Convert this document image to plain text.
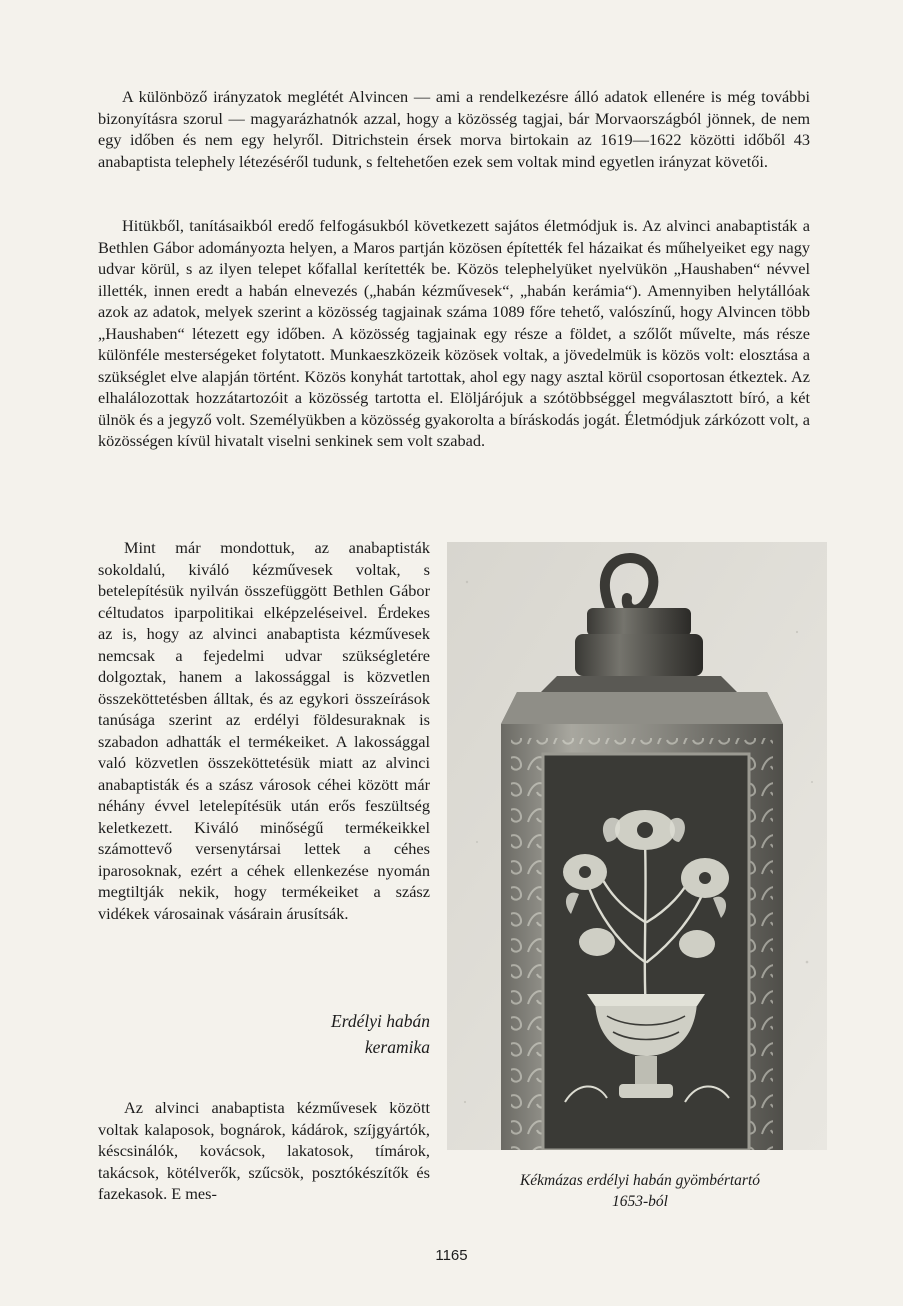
A különböző irányzatok meglétét Alvincen — ami a rendelkezésre álló adatok ellenére is még további bizonyításra szorul — magyarázhatnók azzal, hogy a közösség tagjai, bár Morvaországból jönnek, de nem egy időben és nem egy helyről. Ditrichstein érsek morva birtokain az 1619—1622 közötti időből 43 anabaptista telephely létezéséről tudunk, s feltehetően ezek sem voltak mind egyetlen irányzat követői.

Hitükből, tanításaikból eredő felfogásukból következett sajátos életmódjuk is. Az alvinci anabaptisták a Bethlen Gábor adományozta helyen, a Maros partján közösen építették fel házaikat és műhelyeiket egy nagy udvar körül, s az ilyen telepet kőfallal kerítették be. Közös telephelyüket nyelvükön „Haushaben“ névvel illették, innen eredt a habán elnevezés („habán kézművesek“, „habán kerámia“). Amennyiben helytállóak azok az adatok, melyek szerint a közösség tagjainak száma 1089 főre tehető, valószínű, hogy Alvincen több „Haushaben“ létezett egy időben. A közösség tagjainak egy része a földet, a szőlőt művelte, más része különféle mesterségeket folytatott. Munkaeszközeik közösek voltak, a jövedelmük is közös volt: elosztása a szükséglet elve alapján történt. Közös konyhát tartottak, ahol egy nagy asztal körül csoportosan étkeztek. Az elhalálozottak hozzátartozóit a közösség tartotta el. Elöljárójuk a szótöbbséggel megválasztott bíró, a két ülnök és a jegyző volt. Személyükben a közösség gyakorolta a bíráskodás jogát. Életmódjuk zárkózott volt, a közösségen kívül hivatalt viselni senkinek sem volt szabad.

Mint már mondottuk, az anabaptisták sokoldalú, kiváló kézművesek voltak, s betelepítésük nyilván összefüggött Bethlen Gábor céltudatos iparpolitikai elképzeléseivel. Érdekes az is, hogy az alvinci anabaptista kézművesek nemcsak a fejedelmi udvar szükségletére dolgoztak, hanem a lakossággal is közvetlen összeköttetésben álltak, és az egykori összeírások tanúsága szerint az erdélyi földesuraknak is szabadon adhatták el termékeiket. A lakossággal való közvetlen összeköttetésük miatt az alvinci anabaptisták és a szász városok céhei között már néhány évvel letelepítésük után erős feszültség keletkezett. Kiváló minőségű termékeikkel számottevő versenytársai lettek a céhes iparosoknak, ezért a céhek ellenkezése nyomán megtiltják nekik, hogy termékeiket a szász vidékek városainak vásárain árusítsák.

Erdélyi habán
keramika

Az alvinci anabaptista kézművesek között voltak kalaposok, bognárok, kádárok, szíjgyártók, késcsinálók, kovácsok, lakatosok, tímárok, takácsok, kötélverők, szűcsök, posztókészítők és fazekasok. E mes-

Kékmázas erdélyi habán gyömbértartó
1653-ból
1165
